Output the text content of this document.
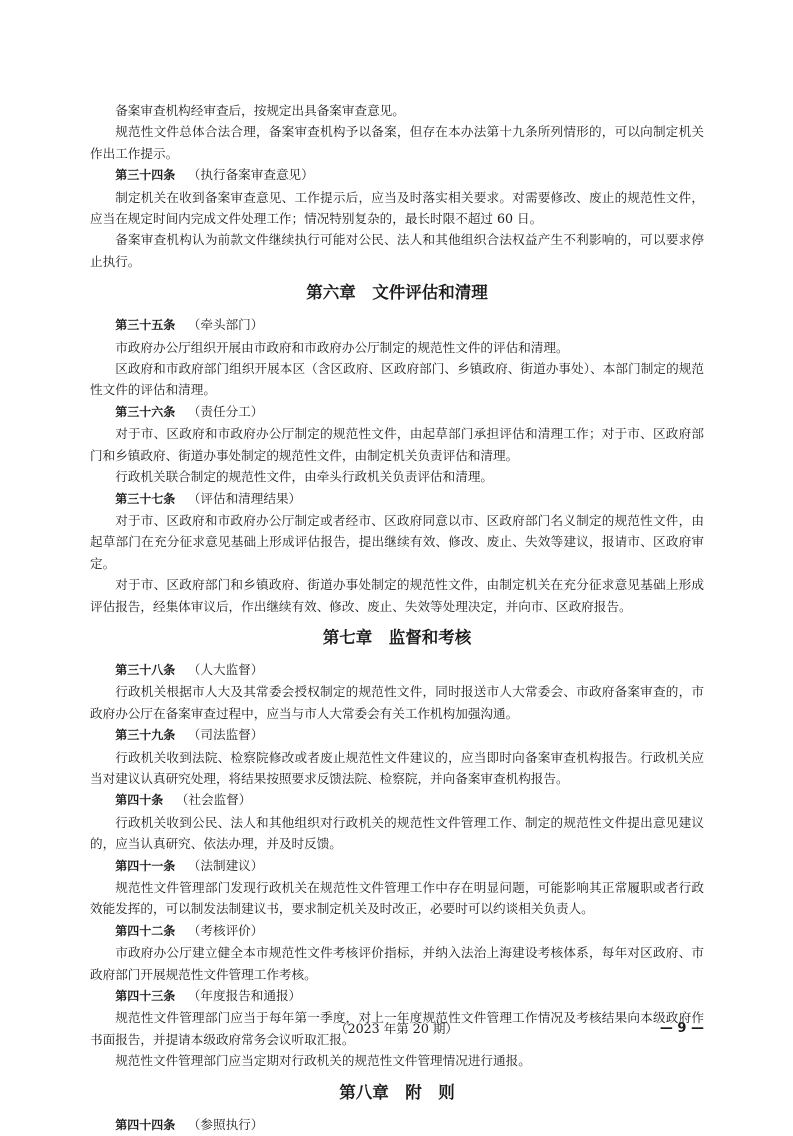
备案审查机构经审查后，按规定出具备案审查意见。

规范性文件总体合法合理，备案审查机构予以备案，但存在本办法第十九条所列情形的，可以向制定机关作出工作提示。

第三十四条 （执行备案审查意见）

制定机关在收到备案审查意见、工作提示后，应当及时落实相关要求。对需要修改、废止的规范性文件，应当在规定时间内完成文件处理工作；情况特别复杂的，最长时限不超过 60 日。

备案审查机构认为前款文件继续执行可能对公民、法人和其他组织合法权益产生不利影响的，可以要求停止执行。

第六章　文件评估和清理

第三十五条 （牵头部门）

市政府办公厅组织开展由市政府和市政府办公厅制定的规范性文件的评估和清理。

区政府和市政府部门组织开展本区（含区政府、区政府部门、乡镇政府、街道办事处）、本部门制定的规范性文件的评估和清理。

第三十六条 （责任分工）

对于市、区政府和市政府办公厅制定的规范性文件，由起草部门承担评估和清理工作；对于市、区政府部门和乡镇政府、街道办事处制定的规范性文件，由制定机关负责评估和清理。

行政机关联合制定的规范性文件，由牵头行政机关负责评估和清理。

第三十七条 （评估和清理结果）

对于市、区政府和市政府办公厅制定或者经市、区政府同意以市、区政府部门名义制定的规范性文件，由起草部门在充分征求意见基础上形成评估报告，提出继续有效、修改、废止、失效等建议，报请市、区政府审定。

对于市、区政府部门和乡镇政府、街道办事处制定的规范性文件，由制定机关在充分征求意见基础上形成评估报告，经集体审议后，作出继续有效、修改、废止、失效等处理决定，并向市、区政府报告。

第七章　监督和考核

第三十八条 （人大监督）

行政机关根据市人大及其常委会授权制定的规范性文件，同时报送市人大常委会、市政府备案审查的，市政府办公厅在备案审查过程中，应当与市人大常委会有关工作机构加强沟通。

第三十九条 （司法监督）

行政机关收到法院、检察院修改或者废止规范性文件建议的，应当即时向备案审查机构报告。行政机关应当对建议认真研究处理，将结果按照要求反馈法院、检察院，并向备案审查机构报告。

第四十条 （社会监督）

行政机关收到公民、法人和其他组织对行政机关的规范性文件管理工作、制定的规范性文件提出意见建议的，应当认真研究、依法办理，并及时反馈。

第四十一条 （法制建议）

规范性文件管理部门发现行政机关在规范性文件管理工作中存在明显问题，可能影响其正常履职或者行政效能发挥的，可以制发法制建议书，要求制定机关及时改正，必要时可以约谈相关负责人。

第四十二条 （考核评价）

市政府办公厅建立健全本市规范性文件考核评价指标，并纳入法治上海建设考核体系，每年对区政府、市政府部门开展规范性文件管理工作考核。

第四十三条 （年度报告和通报）

规范性文件管理部门应当于每年第一季度，对上一年度规范性文件管理工作情况及考核结果向本级政府作书面报告，并提请本级政府常务会议听取汇报。

规范性文件管理部门应当定期对行政机关的规范性文件管理情况进行通报。

第八章　附　则

第四十四条 （参照执行）

（2023 年第 20 期）	— 9 —
